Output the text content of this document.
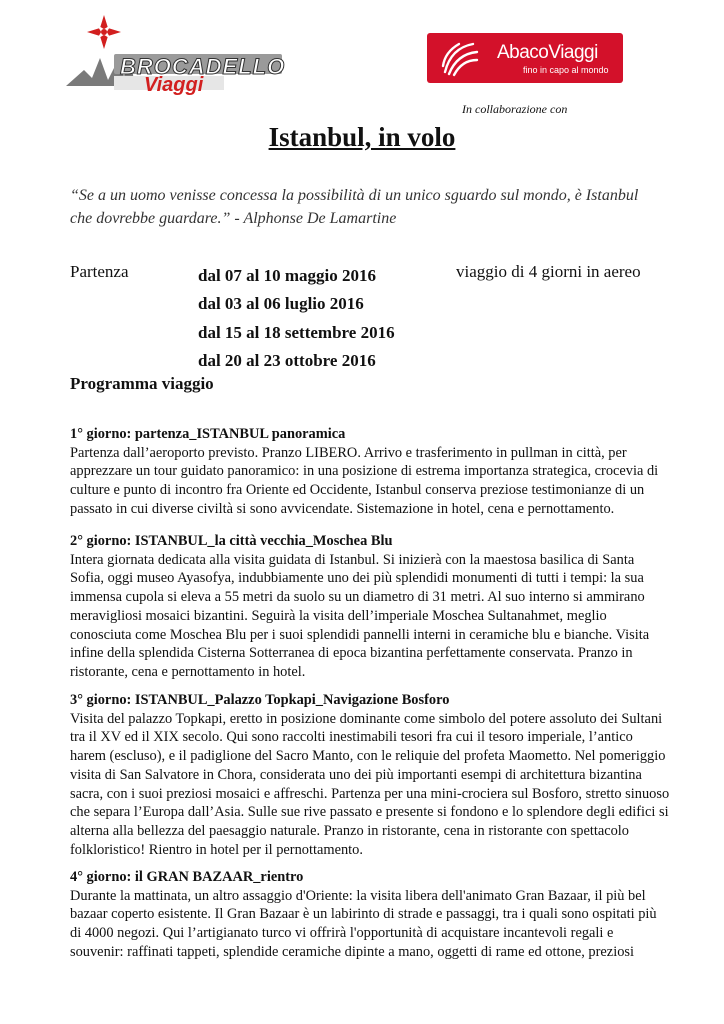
BROCADELLO
Viaggi
AbacoViaggi
fino in capo al mondo
In collaborazione con
Istanbul, in volo

“Se a un uomo venisse concessa la possibilità di un unico sguardo sul mondo, è Istanbul che dovrebbe guardare.” - Alphonse De Lamartine

Partenza	dal 07 al 10 maggio 2016
dal 03 al 06 luglio 2016
dal 15 al 18 settembre 2016
dal 20 al 23 ottobre 2016
viaggio di 4 giorni in aereo
Programma viaggio

1° giorno: partenza_ISTANBUL panoramica

Partenza dall’aeroporto previsto. Pranzo LIBERO. Arrivo e trasferimento in pullman in città, per apprezzare un tour guidato panoramico: in una posizione di estrema importanza strategica, crocevia di culture e punto di incontro fra Oriente ed Occidente, Istanbul conserva preziose testimonianze di un passato in cui diverse civiltà si sono avvicendate. Sistemazione in hotel, cena e pernottamento.

2° giorno: ISTANBUL_la città vecchia_Moschea Blu

Intera giornata dedicata alla visita guidata di Istanbul. Si inizierà con la maestosa basilica di Santa Sofia, oggi museo Ayasofya, indubbiamente uno dei più splendidi monumenti di tutti i tempi: la sua immensa cupola si eleva a 55 metri da suolo su un diametro di 31 metri. Al suo interno si ammirano meravigliosi mosaici bizantini. Seguirà la visita dell’imperiale Moschea Sultanahmet, meglio conosciuta come Moschea Blu per i suoi splendidi pannelli interni in ceramiche blu e bianche. Visita infine della splendida Cisterna Sotterranea di epoca bizantina perfettamente conservata. Pranzo in ristorante, cena e pernottamento in hotel.

3° giorno: ISTANBUL_Palazzo Topkapi_Navigazione Bosforo

Visita del palazzo Topkapi, eretto in posizione dominante come simbolo del potere assoluto dei Sultani tra il XV ed il XIX secolo. Qui sono raccolti inestimabili tesori fra cui il tesoro imperiale, l’antico harem (escluso), e il padiglione del Sacro Manto, con le reliquie del profeta Maometto. Nel pomeriggio visita di San Salvatore in Chora, considerata uno dei più importanti esempi di architettura bizantina sacra, con i suoi preziosi mosaici e affreschi. Partenza per una mini-crociera sul Bosforo, stretto sinuoso che separa l’Europa dall’Asia. Sulle sue rive passato e presente si fondono e lo splendore degli edifici si alterna alla bellezza del paesaggio naturale. Pranzo in ristorante, cena in ristorante con spettacolo folkloristico! Rientro in hotel per il pernottamento.

4° giorno: il GRAN BAZAAR_rientro

Durante la mattinata, un altro assaggio d'Oriente: la visita libera dell'animato Gran Bazaar, il più bel bazaar coperto esistente. Il Gran Bazaar è un labirinto di strade e passaggi, tra i quali sono ospitati più di 4000 negozi. Qui l’artigianato turco vi offrirà l'opportunità di acquistare incantevoli regali e souvenir: raffinati tappeti, splendide ceramiche dipinte a mano, oggetti di rame ed ottone, preziosi
